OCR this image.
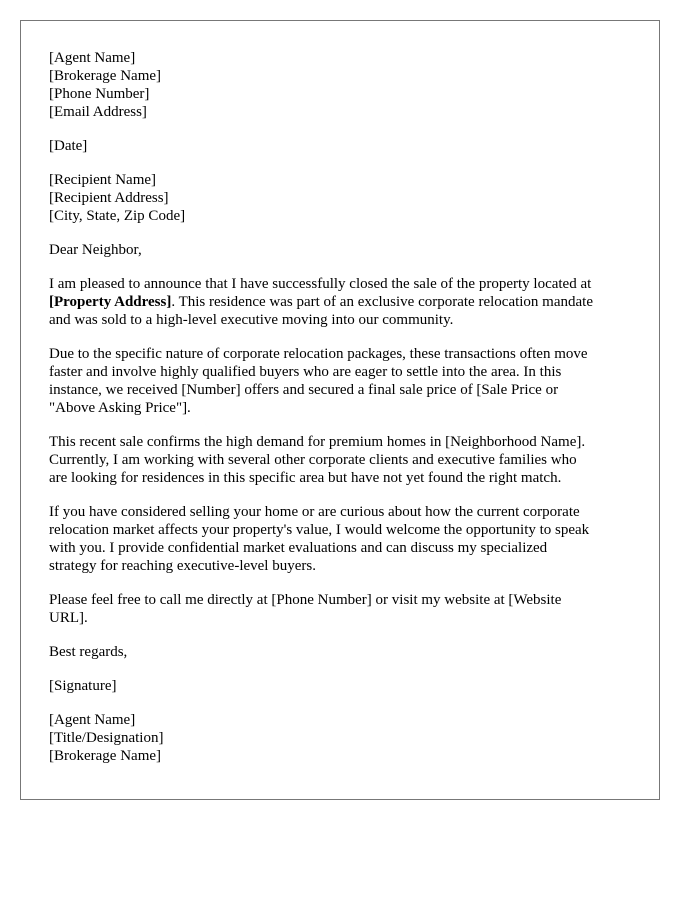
[Agent Name]
[Brokerage Name]
[Phone Number]
[Email Address]

[Date]

[Recipient Name]
[Recipient Address]
[City, State, Zip Code]

Dear Neighbor,

I am pleased to announce that I have successfully closed the sale of the property located at
[Property Address]. This residence was part of an exclusive corporate relocation mandate
and was sold to a high-level executive moving into our community.

Due to the specific nature of corporate relocation packages, these transactions often move
faster and involve highly qualified buyers who are eager to settle into the area. In this
instance, we received [Number] offers and secured a final sale price of [Sale Price or
"Above Asking Price"].

This recent sale confirms the high demand for premium homes in [Neighborhood Name].
Currently, I am working with several other corporate clients and executive families who
are looking for residences in this specific area but have not yet found the right match.

If you have considered selling your home or are curious about how the current corporate
relocation market affects your property's value, I would welcome the opportunity to speak
with you. I provide confidential market evaluations and can discuss my specialized
strategy for reaching executive-level buyers.

Please feel free to call me directly at [Phone Number] or visit my website at [Website
URL].

Best regards,

[Signature]

[Agent Name]
[Title/Designation]
[Brokerage Name]
